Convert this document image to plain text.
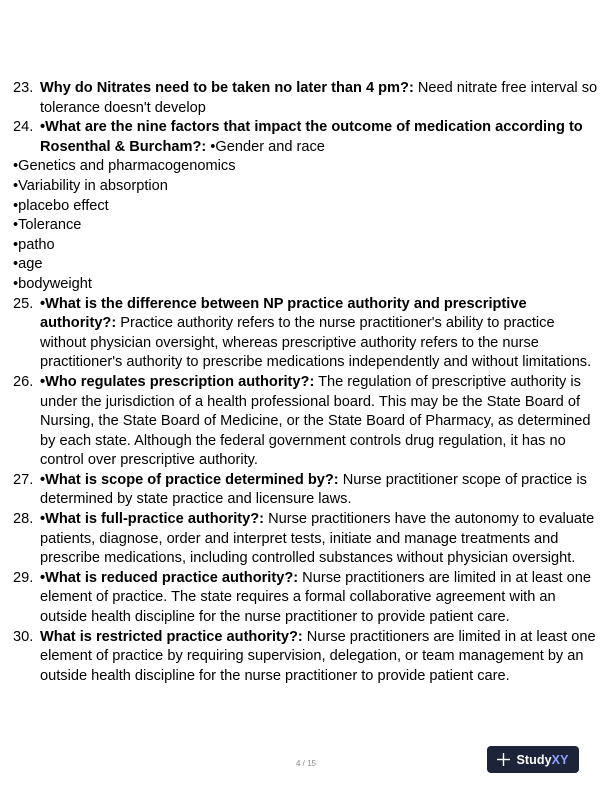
23. Why do Nitrates need to be taken no later than 4 pm?: Need nitrate free interval so tolerance doesn't develop
24. •What are the nine factors that impact the outcome of medication according to Rosenthal & Burcham?: •Gender and race
•Genetics and pharmacogenomics
•Variability in absorption
•placebo effect
•Tolerance
•patho
•age
•bodyweight
25. •What is the difference between NP practice authority and prescriptive authority?: Practice authority refers to the nurse practitioner's ability to practice without physician oversight, whereas prescriptive authority refers to the nurse practitioner's authority to prescribe medications independently and without limitations.
26. •Who regulates prescription authority?: The regulation of prescriptive authority is under the jurisdiction of a health professional board. This may be the State Board of Nursing, the State Board of Medicine, or the State Board of Pharmacy, as determined by each state. Although the federal government controls drug regulation, it has no control over prescriptive authority.
27. •What is scope of practice determined by?: Nurse practitioner scope of practice is determined by state practice and licensure laws.
28. •What is full-practice authority?: Nurse practitioners have the autonomy to evaluate patients, diagnose, order and interpret tests, initiate and manage treatments and prescribe medications, including controlled substances without physician oversight.
29. •What is reduced practice authority?: Nurse practitioners are limited in at least one element of practice. The state requires a formal collaborative agreement with an outside health discipline for the nurse practitioner to provide patient care.
30. What is restricted practice authority?: Nurse practitioners are limited in at least one element of practice by requiring supervision, delegation, or team management by an outside health discipline for the nurse practitioner to provide patient care.
4 / 15	StudyXY
